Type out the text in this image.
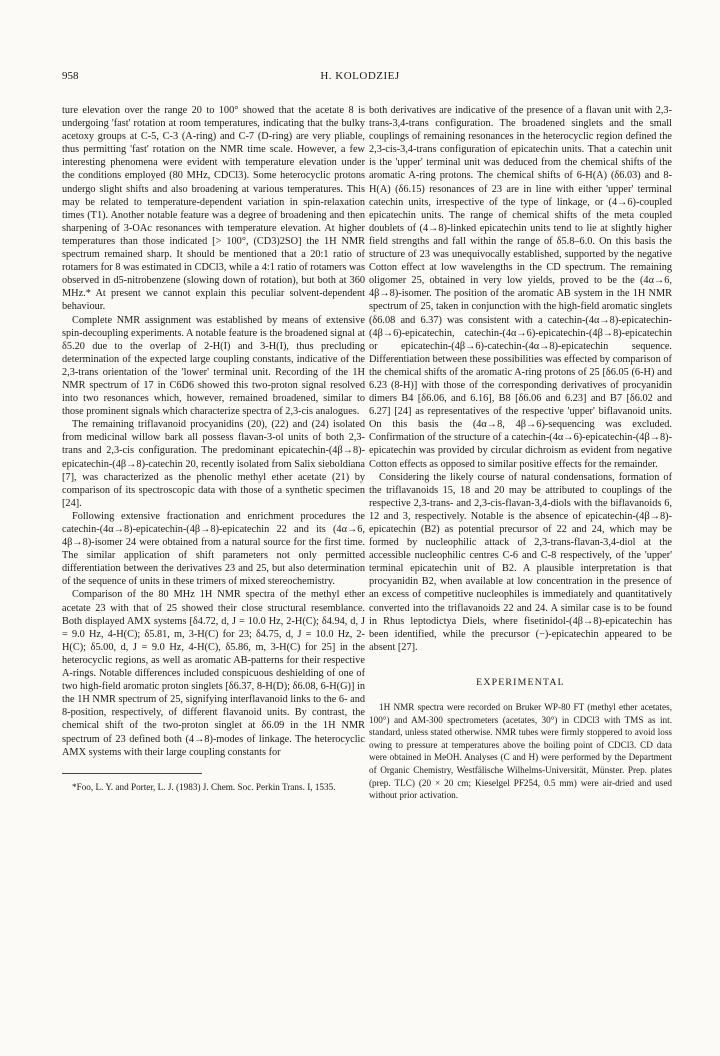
958	H. KOLODZIEJ

ture elevation over the range 20 to 100° showed that the acetate 8 is undergoing 'fast' rotation at room temperatures, indicating that the bulky acetoxy groups at C-5, C-3 (A-ring) and C-7 (D-ring) are very pliable, thus permitting 'fast' rotation on the NMR time scale. However, a few interesting phenomena were evident with temperature elevation under the conditions employed (80 MHz, CDCl3). Some heterocyclic protons undergo slight shifts and also broadening at various temperatures. This may be related to temperature-dependent variation in spin-relaxation times (T1). Another notable feature was a degree of broadening and then sharpening of 3-OAc resonances with temperature elevation. At higher temperatures than those indicated [> 100°, (CD3)2SO] the 1H NMR spectrum remained sharp. It should be mentioned that a 20:1 ratio of rotamers for 8 was estimated in CDCl3, while a 4:1 ratio of rotamers was observed in d5-nitrobenzene (slowing down of rotation), but both at 360 MHz.* At present we cannot explain this peculiar solvent-dependent behaviour.

Complete NMR assignment was established by means of extensive spin-decoupling experiments. A notable feature is the broadened signal at δ5.20 due to the overlap of 2-H(I) and 3-H(I), thus precluding determination of the expected large coupling constants, indicative of the 2,3-trans orientation of the 'lower' terminal unit. Recording of the 1H NMR spectrum of 17 in C6D6 showed this two-proton signal resolved into two resonances which, however, remained broadened, similar to those prominent signals which characterize spectra of 2,3-cis analogues.

The remaining triflavanoid procyanidins (20), (22) and (24) isolated from medicinal willow bark all possess flavan-3-ol units of both 2,3-trans and 2,3-cis configuration. The predominant epicatechin-(4β→8)-epicatechin-(4β→8)-catechin 20, recently isolated from Salix sieboldiana [7], was characterized as the phenolic methyl ether acetate (21) by comparison of its spectroscopic data with those of a synthetic specimen [24].

Following extensive fractionation and enrichment procedures the catechin-(4α→8)-epicatechin-(4β→8)-epicatechin 22 and its (4α→6, 4β→8)-isomer 24 were obtained from a natural source for the first time. The similar application of shift parameters not only permitted differentiation between the derivatives 23 and 25, but also determination of the sequence of units in these trimers of mixed stereochemistry.

Comparison of the 80 MHz 1H NMR spectra of the methyl ether acetate 23 with that of 25 showed their close structural resemblance. Both displayed AMX systems [δ4.72, d, J = 10.0 Hz, 2-H(C); δ4.94, d, J = 9.0 Hz, 4-H(C); δ5.81, m, 3-H(C) for 23; δ4.75, d, J = 10.0 Hz, 2-H(C); δ5.00, d, J = 9.0 Hz, 4-H(C), δ5.86, m, 3-H(C) for 25] in the heterocyclic regions, as well as aromatic AB-patterns for their respective A-rings. Notable differences included conspicuous deshielding of one of two high-field aromatic proton singlets [δ6.37, 8-H(D); δ6.08, 6-H(G)] in the 1H NMR spectrum of 25, signifying interflavanoid links to the 6- and 8-position, respectively, of different flavanoid units. By contrast, the chemical shift of the two-proton singlet at δ6.09 in the 1H NMR spectrum of 23 defined both (4→8)-modes of linkage. The heterocyclic AMX systems with their large coupling constants for

*Foo, L. Y. and Porter, L. J. (1983) J. Chem. Soc. Perkin Trans. I, 1535.

both derivatives are indicative of the presence of a flavan unit with 2,3-trans-3,4-trans configuration. The broadened singlets and the small couplings of remaining resonances in the heterocyclic region defined the 2,3-cis-3,4-trans configuration of epicatechin units. That a catechin unit is the 'upper' terminal unit was deduced from the chemical shifts of the aromatic A-ring protons. The chemical shifts of 6-H(A) (δ6.03) and 8-H(A) (δ6.15) resonances of 23 are in line with either 'upper' terminal catechin units, irrespective of the type of linkage, or (4→6)-coupled epicatechin units. The range of chemical shifts of the meta coupled doublets of (4→8)-linked epicatechin units tend to lie at slightly higher field strengths and fall within the range of δ5.8–6.0. On this basis the structure of 23 was unequivocally established, supported by the negative Cotton effect at low wavelengths in the CD spectrum. The remaining oligomer 25, obtained in very low yields, proved to be the (4α→6, 4β→8)-isomer. The position of the aromatic AB system in the 1H NMR spectrum of 25, taken in conjunction with the high-field aromatic singlets (δ6.08 and 6.37) was consistent with a catechin-(4α→8)-epicatechin-(4β→6)-epicatechin, catechin-(4α→6)-epicatechin-(4β→8)-epicatechin or epicatechin-(4β→6)-catechin-(4α→8)-epicatechin sequence. Differentiation between these possibilities was effected by comparison of the chemical shifts of the aromatic A-ring protons of 25 [δ6.05 (6-H) and 6.23 (8-H)] with those of the corresponding derivatives of procyanidin dimers B4 [δ6.06, and 6.16], B8 [δ6.06 and 6.23] and B7 [δ6.02 and 6.27] [24] as representatives of the respective 'upper' biflavanoid units. On this basis the (4α→8, 4β→6)-sequencing was excluded. Confirmation of the structure of a catechin-(4α→6)-epicatechin-(4β→8)-epicatechin was provided by circular dichroism as evident from negative Cotton effects as opposed to similar positive effects for the remainder.

Considering the likely course of natural condensations, formation of the triflavanoids 15, 18 and 20 may be attributed to couplings of the respective 2,3-trans- and 2,3-cis-flavan-3,4-diols with the biflavanoids 6, 12 and 3, respectively. Notable is the absence of epicatechin-(4β→8)-epicatechin (B2) as potential precursor of 22 and 24, which may be formed by nucleophilic attack of 2,3-trans-flavan-3,4-diol at the accessible nucleophilic centres C-6 and C-8 respectively, of the 'upper' terminal epicatechin unit of B2. A plausible interpretation is that procyanidin B2, when available at low concentration in the presence of an excess of competitive nucleophiles is immediately and quantitatively converted into the triflavanoids 22 and 24. A similar case is to be found in Rhus leptodictya Diels, where fisetinidol-(4β→8)-epicatechin has been identified, while the precursor (−)-epicatechin appeared to be absent [27].

EXPERIMENTAL
1H NMR spectra were recorded on Bruker WP-80 FT (methyl ether acetates, 100°) and AM-300 spectrometers (acetates, 30°) in CDCl3 with TMS as int. standard, unless stated otherwise. NMR tubes were firmly stoppered to avoid loss owing to pressure at temperatures above the boiling point of CDCl3. CD data were obtained in MeOH. Analyses (C and H) were performed by the Department of Organic Chemistry, Westfälische Wilhelms-Universität, Münster. Prep. plates (prep. TLC) (20 × 20 cm; Kieselgel PF254, 0.5 mm) were air-dried and used without prior activation.
